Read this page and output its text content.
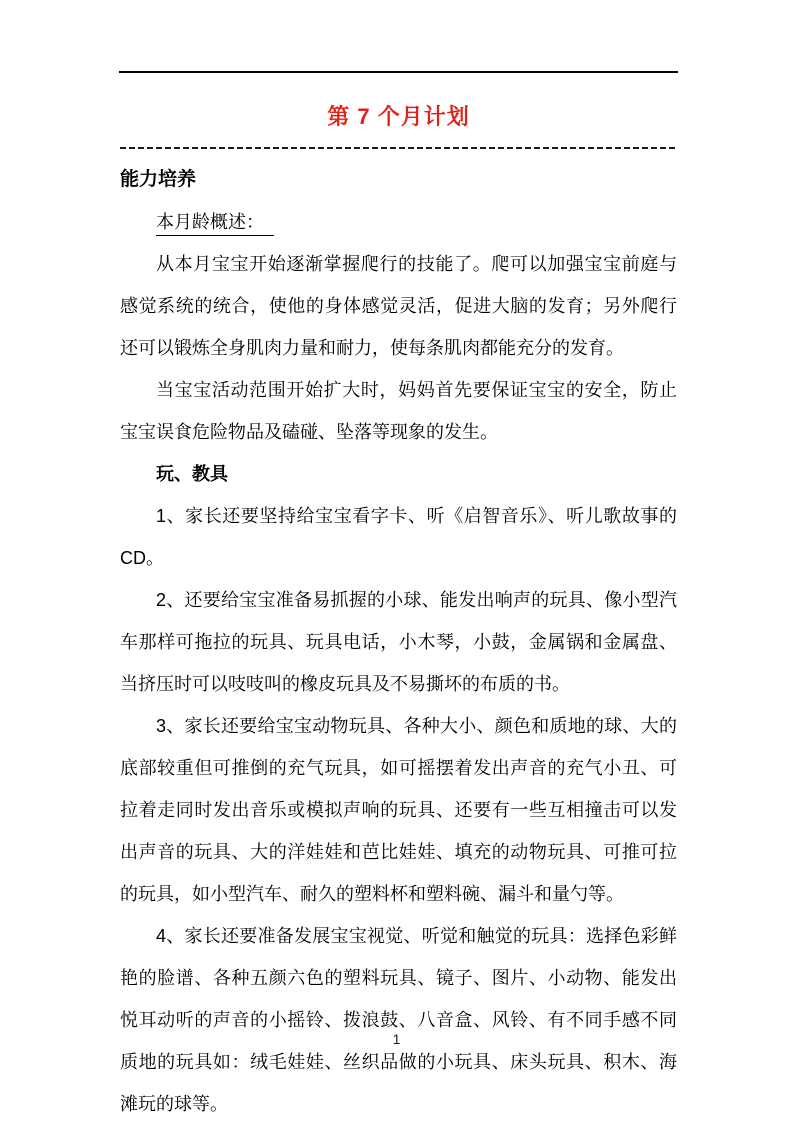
第 7 个月计划
能力培养

本月龄概述：

从本月宝宝开始逐渐掌握爬行的技能了。爬可以加强宝宝前庭与感觉系统的统合，使他的身体感觉灵活，促进大脑的发育；另外爬行还可以锻炼全身肌肉力量和耐力，使每条肌肉都能充分的发育。

当宝宝活动范围开始扩大时，妈妈首先要保证宝宝的安全，防止宝宝误食危险物品及磕碰、坠落等现象的发生。

玩、教具

1、家长还要坚持给宝宝看字卡、听《启智音乐》、听儿歌故事的 CD。

2、还要给宝宝准备易抓握的小球、能发出响声的玩具、像小型汽车那样可拖拉的玩具、玩具电话，小木琴，小鼓，金属锅和金属盘、当挤压时可以吱吱叫的橡皮玩具及不易撕坏的布质的书。

3、家长还要给宝宝动物玩具、各种大小、颜色和质地的球、大的底部较重但可推倒的充气玩具，如可摇摆着发出声音的充气小丑、可拉着走同时发出音乐或模拟声响的玩具、还要有一些互相撞击可以发出声音的玩具、大的洋娃娃和芭比娃娃、填充的动物玩具、可推可拉的玩具，如小型汽车、耐久的塑料杯和塑料碗、漏斗和量勺等。

4、家长还要准备发展宝宝视觉、听觉和触觉的玩具：选择色彩鲜艳的脸谱、各种五颜六色的塑料玩具、镜子、图片、小动物、能发出悦耳动听的声音的小摇铃、拨浪鼓、八音盒、风铃、有不同手感不同质地的玩具如：绒毛娃娃、丝织品做的小玩具、床头玩具、积木、海滩玩的球等。

1
